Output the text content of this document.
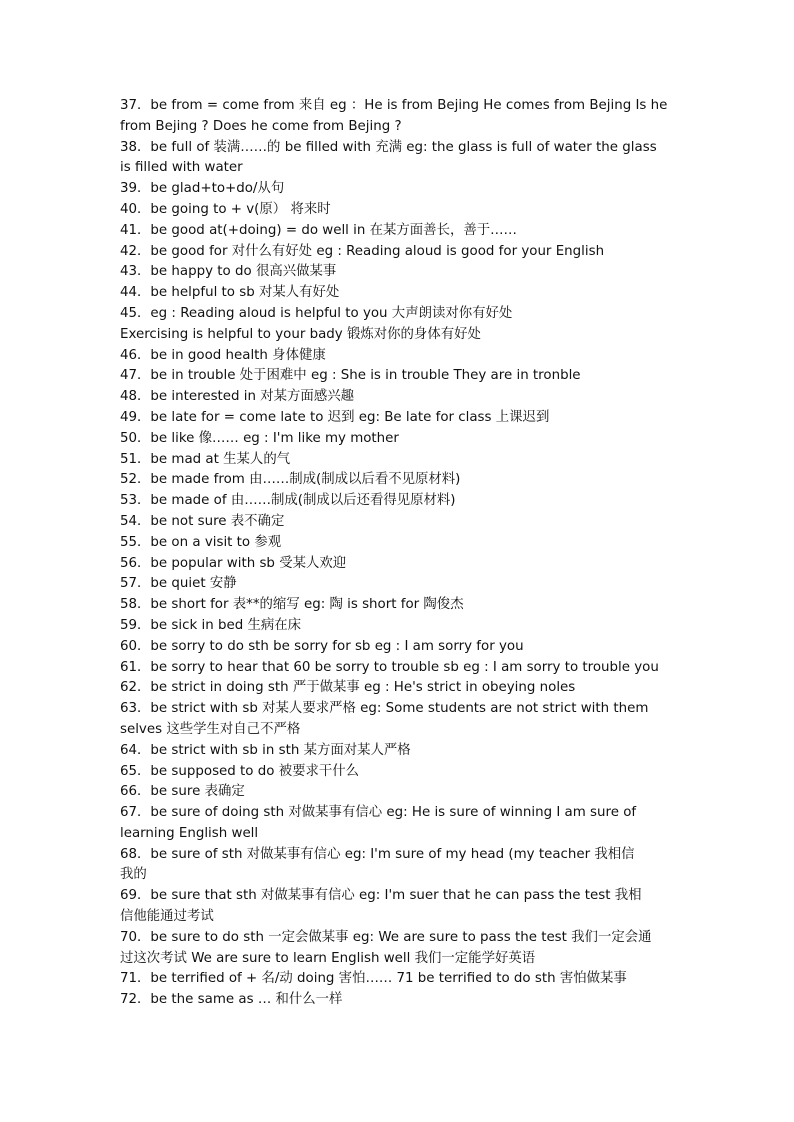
37．be from = come from 来自 eg ：He is from Bejing He comes from Bejing Is he

from Bejing ? Does he come from Bejing ?

38．be full of 装满……的 be filled with 充满 eg: the glass is full of water the glass

is filled with water

39．be glad+to+do/从句

40．be going to + v(原） 将来时

41．be good at(+doing) = do well in 在某方面善长，善于……

42．be good for 对什么有好处 eg : Reading aloud is good for your English

43．be happy to do 很高兴做某事

44．be helpful to sb 对某人有好处

45．eg : Reading aloud is helpful to you 大声朗读对你有好处

Exercising is helpful to your bady 锻炼对你的身体有好处

46．be in good health 身体健康

47．be in trouble 处于困难中 eg : She is in trouble They are in tronble

48．be interested in 对某方面感兴趣

49．be late for = come late to 迟到 eg: Be late for class 上课迟到

50．be like 像…… eg : I'm like my mother

51．be mad at 生某人的气

52．be made from 由……制成(制成以后看不见原材料)

53．be made of 由……制成(制成以后还看得见原材料)

54．be not sure 表不确定

55．be on a visit to 参观

56．be popular with sb 受某人欢迎

57．be quiet 安静

58．be short for 表**的缩写 eg: 陶 is short for 陶俊杰

59．be sick in bed 生病在床

60．be sorry to do sth be sorry for sb eg : I am sorry for you

61．be sorry to hear that 60 be sorry to trouble sb eg : I am sorry to trouble you

62．be strict in doing sth 严于做某事 eg : He's strict in obeying noles

63．be strict with sb 对某人要求严格 eg: Some students are not strict with them

selves 这些学生对自己不严格

64．be strict with sb in sth 某方面对某人严格

65．be supposed to do 被要求干什么

66．be sure 表确定

67．be sure of doing sth 对做某事有信心 eg: He is sure of winning I am sure of

learning English well

68．be sure of sth 对做某事有信心 eg: I'm sure of my head (my teacher 我相信

我的

69．be sure that sth 对做某事有信心 eg: I'm suer that he can pass the test 我相

信他能通过考试

70．be sure to do sth 一定会做某事 eg: We are sure to pass the test 我们一定会通

过这次考试 We are sure to learn English well 我们一定能学好英语

71．be terrified of + 名/动 doing 害怕…… 71 be terrified to do sth 害怕做某事

72．be the same as … 和什么一样
